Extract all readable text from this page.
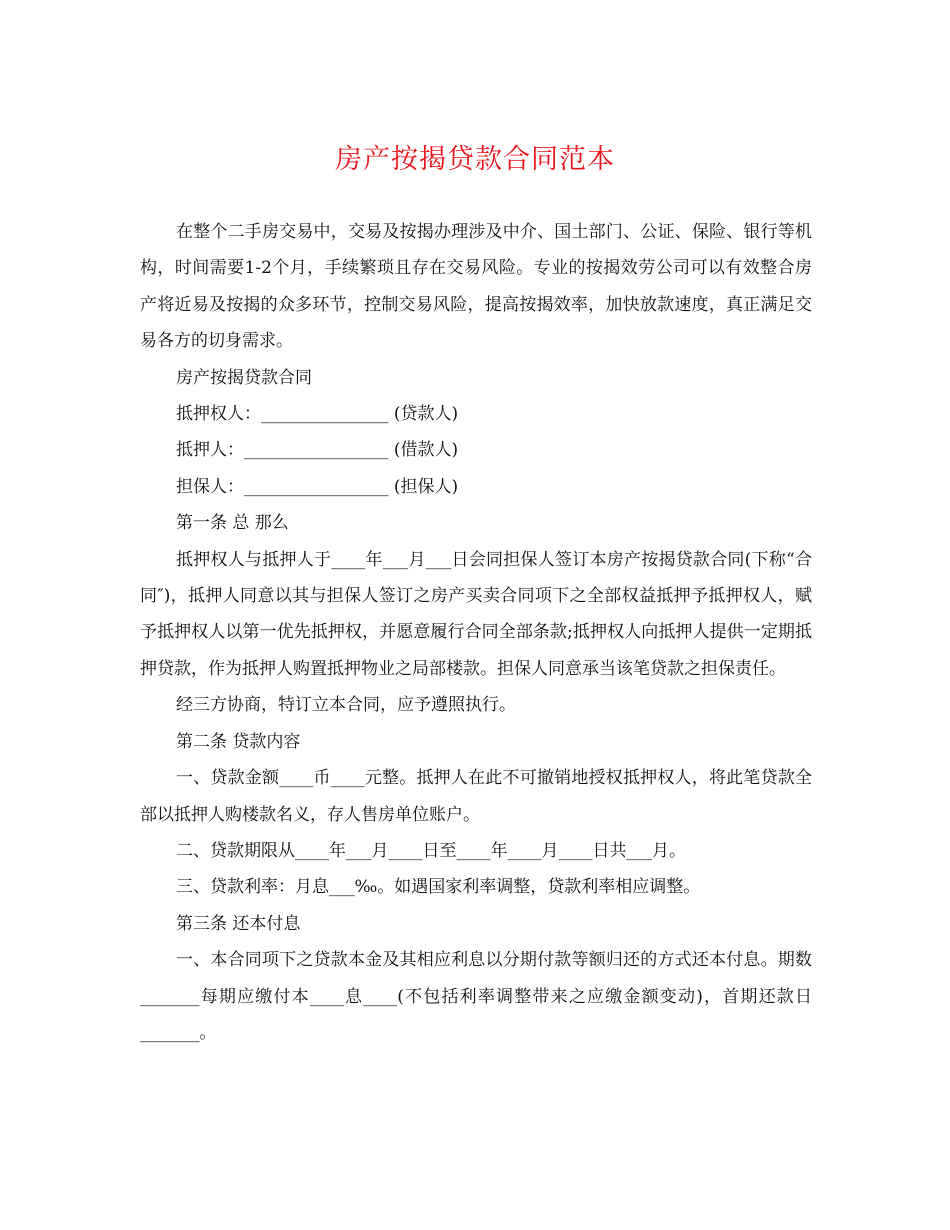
房产按揭贷款合同范本

在整个二手房交易中，交易及按揭办理涉及中介、国土部门、公证、保险、银行等机构，时间需要1-2个月，手续繁琐且存在交易风险。专业的按揭效劳公司可以有效整合房产将近易及按揭的众多环节，控制交易风险，提高按揭效率，加快放款速度，真正满足交易各方的切身需求。

房产按揭贷款合同

抵押权人：_______________ (贷款人)

抵押人：_________________ (借款人)

担保人：_________________ (担保人)

第一条 总 那么

抵押权人与抵押人于____年___月___日会同担保人签订本房产按揭贷款合同(下称“合同″)，抵押人同意以其与担保人签订之房产买卖合同项下之全部权益抵押予抵押权人，赋予抵押权人以第一优先抵押权，并愿意履行合同全部条款;抵押权人向抵押人提供一定期抵押贷款，作为抵押人购置抵押物业之局部楼款。担保人同意承当该笔贷款之担保责任。

经三方协商，特订立本合同，应予遵照执行。

第二条 贷款内容

一、贷款金额____币____元整。抵押人在此不可撤销地授权抵押权人，将此笔贷款全部以抵押人购楼款名义，存人售房单位账户。

二、贷款期限从____年___月____日至____年____月____日共___月。

三、贷款利率：月息___‰。如遇国家利率调整，贷款利率相应调整。

第三条 还本付息

一、本合同项下之贷款本金及其相应利息以分期付款等额归还的方式还本付息。期数_______每期应缴付本____息____(不包括利率调整带来之应缴金额变动)，首期还款日_______。
